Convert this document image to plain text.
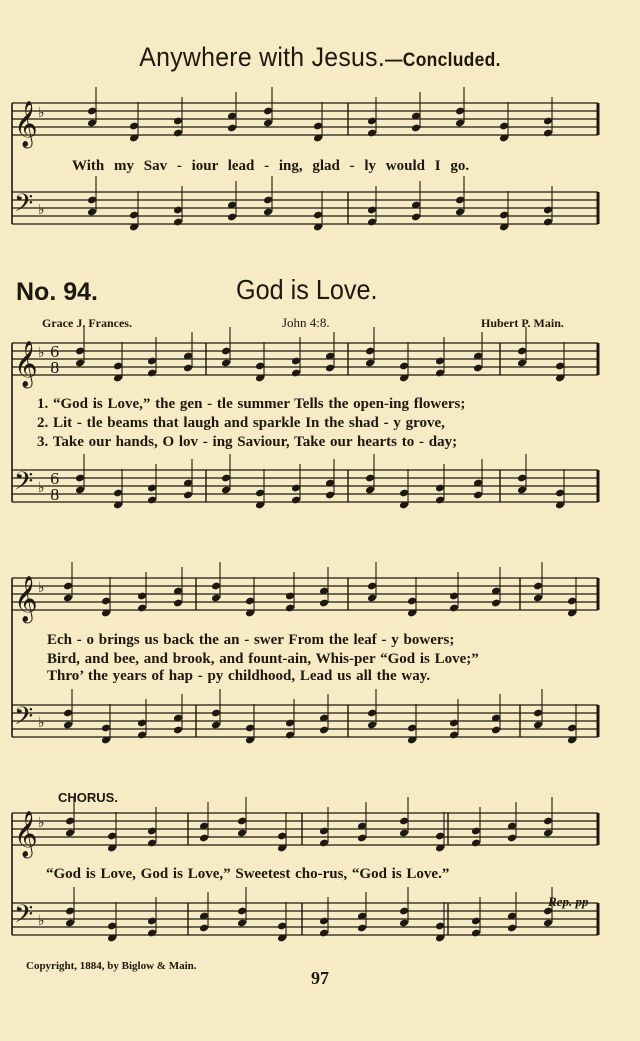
𝄞
𝄢
♭
♭
𝄞
𝄢
♭
♭
6
8
6
8
𝄞
𝄢
♭
♭
𝄞
𝄢
♭
♭
Anywhere with Jesus.—Concluded.
With my Sav - iour lead - ing, glad - ly would I go.
No. 94.	God is Love.
Grace J. Frances.	John 4:8.	Hubert P. Main.
1. “God is Love,” the gen - tle summer Tells the open-ing flowers;
2. Lit - tle beams that laugh and sparkle In the shad - y grove,
3. Take our hands, O lov - ing Saviour, Take our hearts to - day;
Ech - o brings us back the an - swer From the leaf - y bowers;
Bird, and bee, and brook, and fount-ain, Whis-per “God is Love;”
Thro’ the years of hap - py childhood, Lead us all the way.
CHORUS.
“God is Love, God is Love,” Sweetest cho-rus, “God is Love.”
Rep. pp
Copyright, 1884, by Biglow & Main.
97
